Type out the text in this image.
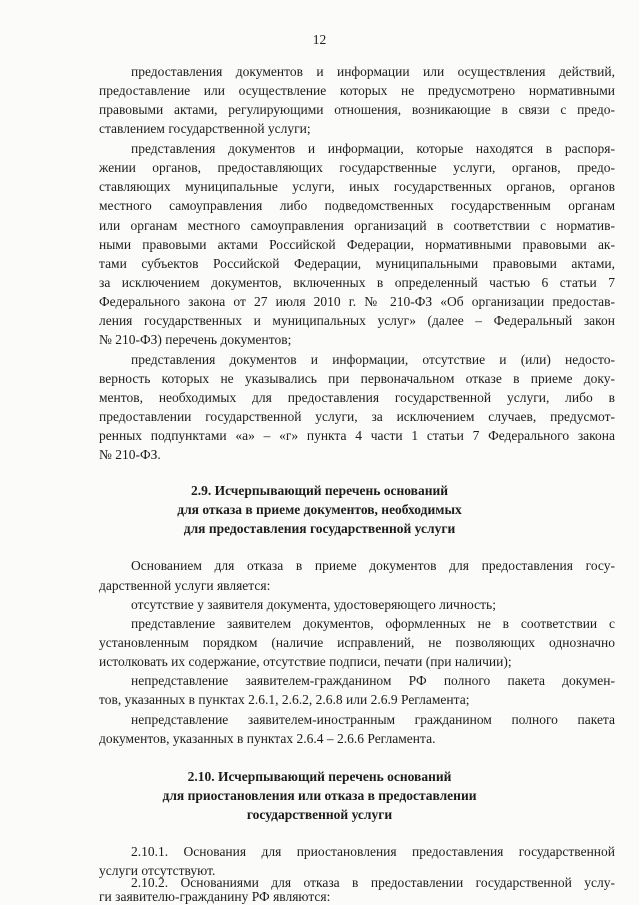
12

предоставления документов и информации или осуществления действий,

предоставление или осуществление которых не предусмотрено нормативными

правовыми актами, регулирующими отношения, возникающие в связи с предо-

ставлением государственной услуги;

представления документов и информации, которые находятся в распоря-

жении органов, предоставляющих государственные услуги, органов, предо-

ставляющих муниципальные услуги, иных государственных органов, органов

местного самоуправления либо подведомственных государственным органам

или органам местного самоуправления организаций в соответствии с норматив-

ными правовыми актами Российской Федерации, нормативными правовыми ак-

тами субъектов Российской Федерации, муниципальными правовыми актами,

за исключением документов, включенных в определенный частью 6 статьи 7

Федерального закона от 27 июля 2010 г. № 210-ФЗ «Об организации предостав-

ления государственных и муниципальных услуг» (далее – Федеральный закон

№ 210-ФЗ) перечень документов;

представления документов и информации, отсутствие и (или) недосто-

верность которых не указывались при первоначальном отказе в приеме доку-

ментов, необходимых для предоставления государственной услуги, либо в

предоставлении государственной услуги, за исключением случаев, предусмот-

ренных подпунктами «а» – «г» пункта 4 части 1 статьи 7 Федерального закона

№ 210-ФЗ.

2.9. Исчерпывающий перечень оснований
для отказа в приеме документов, необходимых
для предоставления государственной услуги

Основанием для отказа в приеме документов для предоставления госу-

дарственной услуги является:

отсутствие у заявителя документа, удостоверяющего личность;

представление заявителем документов, оформленных не в соответствии с

установленным порядком (наличие исправлений, не позволяющих однозначно

истолковать их содержание, отсутствие подписи, печати (при наличии);

непредставление заявителем-гражданином РФ полного пакета докумен-

тов, указанных в пунктах 2.6.1, 2.6.2, 2.6.8 или 2.6.9 Регламента;

непредставление заявителем-иностранным гражданином полного пакета

документов, указанных в пунктах 2.6.4 – 2.6.6 Регламента.

2.10. Исчерпывающий перечень оснований
для приостановления или отказа в предоставлении
государственной услуги

2.10.1. Основания для приостановления предоставления государственной

услуги отсутствуют.

2.10.2. Основаниями для отказа в предоставлении государственной услу-

ги заявителю-гражданину РФ являются:
